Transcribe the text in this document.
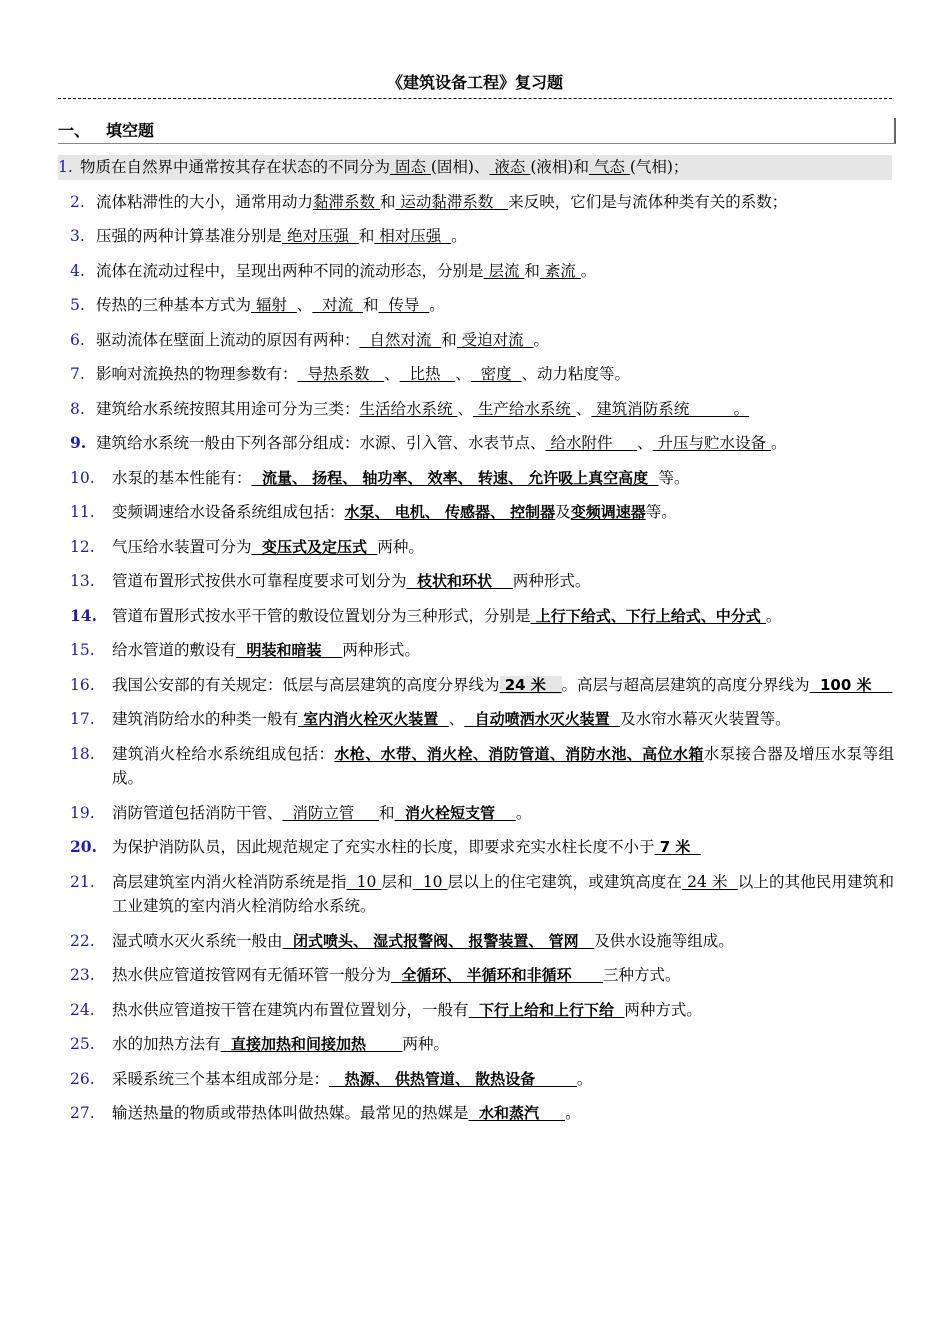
《建筑设备工程》复习题
一、 填空题
1. 物质在自然界中通常按其存在状态的不同分为 固态 (固相)、 液态 (液相)和 气态 (气相)；
2. 流体粘滞性的大小，通常用动力黏滞系数 和 运动黏滞系数   来反映，它们是与流体种类有关的系数；
3. 压强的两种计算基准分别是 绝对压强  和 相对压强  。
4. 流体在流动过程中，呈现出两种不同的流动形态，分别是 层流 和 紊流 。
5. 传热的三种基本方式为 辐射  、  对流  和  传导  。
6. 驱动流体在壁面上流动的原因有两种：  自然对流  和 受迫对流  。
7. 影响对流换热的物理参数有：  导热系数   、  比热   、  密度  、动力粘度等。
8. 建筑给水系统按照其用途可分为三类：生活给水系统 、 生产给水系统 、 建筑消防系统         。
9. 建筑给水系统一般由下列各部分组成：水源、引入管、水表节点、 给水附件     、 升压与贮水设备 。
10. 水泵的基本性能有：  流量、 扬程、 轴功率、 效率、 转速、 允许吸上真空高度  等。
11. 变频调速给水设备系统组成包括：水泵、 电机、 传感器、 控制器及变频调速器等。
12. 气压给水装置可分为  变压式及定压式  两种。
13. 管道布置形式按供水可靠程度要求可划分为  枝状和环状    两种形式。
14. 管道布置形式按水平干管的敷设位置划分为三种形式，分别是 上行下给式、下行上给式、中分式 。
15. 给水管道的敷设有  明装和暗装    两种形式。
16. 我国公安部的有关规定：低层与高层建筑的高度分界线为 24 米   。高层与超高层建筑的高度分界线为  100 米
17. 建筑消防给水的种类一般有 室内消火栓灭火装置  、  自动喷洒水灭火装置  及水帘水幕灭火装置等。
18. 建筑消火栓给水系统组成包括：水枪、水带、消火栓、消防管道、消防水池、高位水箱水泵接合器及增压水泵等组成。
19. 消防管道包括消防干管、  消防立管     和  消火栓短支管    。
20. 为保护消防队员，因此规范规定了充实水柱的长度，即要求充实水柱长度不小于 7 米
21. 高层建筑室内消火栓消防系统是指  10 层和  10 层以上的住宅建筑，或建筑高度在 24 米  以上的其他民用建筑和工业建筑的室内消火栓消防给水系统。
22. 湿式喷水灭火系统一般由  闭式喷头、 湿式报警阀、 报警装置、 管网   及供水设施等组成。
23. 热水供应管道按管网有无循环管一般分为  全循环、 半循环和非循环      三种方式。
24. 热水供应管道按干管在建筑内布置位置划分，一般有  下行上给和上行下给  两种方式。
25. 水的加热方法有  直接加热和间接加热       两种。
26. 采暖系统三个基本组成部分是：   热源、 供热管道、 散热设备        。
27. 输送热量的物质或带热体叫做热媒。最常见的热媒是  水和蒸汽     。
